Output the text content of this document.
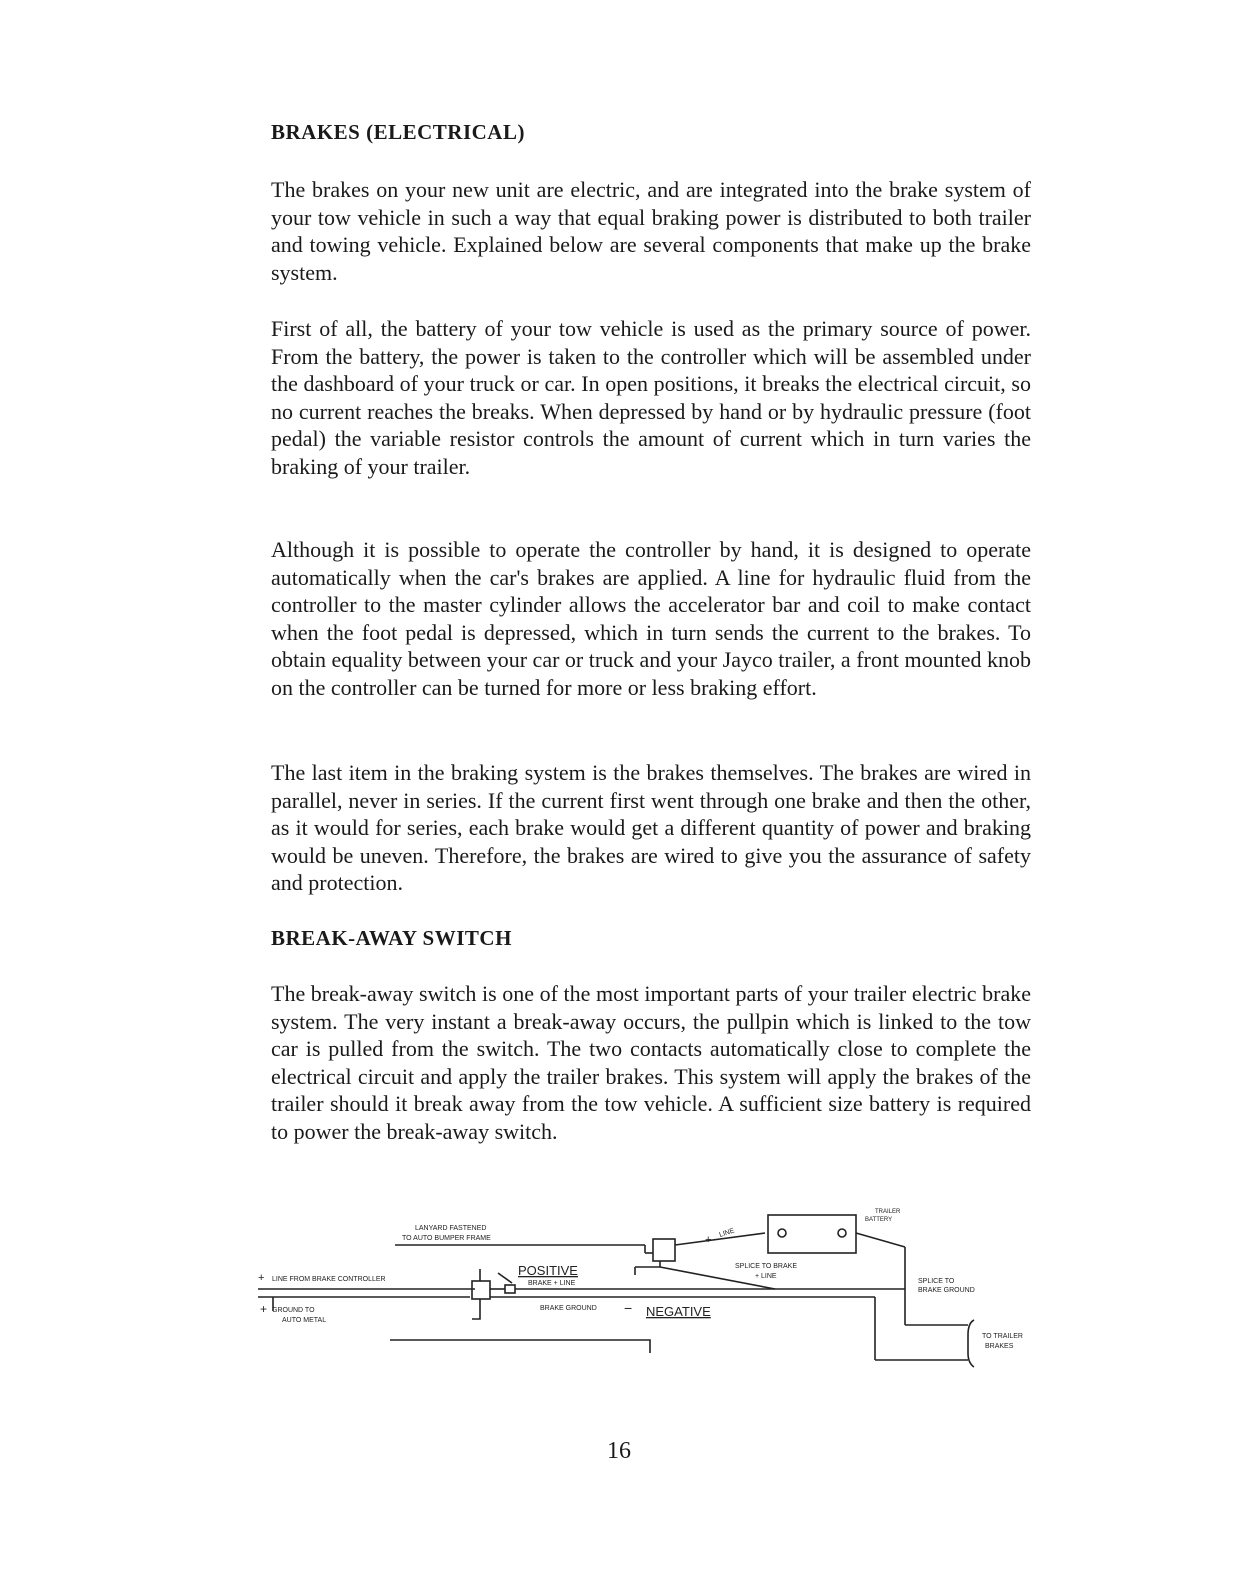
BRAKES (ELECTRICAL)

The brakes on your new unit are electric, and are integrated into the brake system of your tow vehicle in such a way that equal braking power is distributed to both trailer and towing vehicle. Explained below are several components that make up the brake system.

First of all, the battery of your tow vehicle is used as the primary source of power. From the battery, the power is taken to the controller which will be assembled under the dashboard of your truck or car. In open positions, it breaks the electrical circuit, so no current reaches the breaks. When depressed by hand or by hydraulic pressure (foot pedal) the variable resistor controls the amount of current which in turn varies the braking of your trailer.

Although it is possible to operate the controller by hand, it is designed to operate automatically when the car's brakes are applied. A line for hydraulic fluid from the controller to the master cylinder allows the accelerator bar and coil to make contact when the foot pedal is depressed, which in turn sends the current to the brakes. To obtain equality between your car or truck and your Jayco trailer, a front mounted knob on the controller can be turned for more or less braking effort.

The last item in the braking system is the brakes themselves. The brakes are wired in parallel, never in series. If the current first went through one brake and then the other, as it would for series, each brake would get a different quantity of power and braking would be uneven. Therefore, the brakes are wired to give you the assurance of safety and protection.

BREAK-AWAY SWITCH

The break-away switch is one of the most important parts of your trailer electric brake system. The very instant a break-away occurs, the pullpin which is linked to the tow car is pulled from the switch. The two contacts automatically close to complete the electrical circuit and apply the trailer brakes. This system will apply the brakes of the trailer should it break away from the tow vehicle. A sufficient size battery is required to power the break-away switch.

LANYARD FASTENED
TO AUTO BUMPER FRAME
POSITIVE
BRAKE + LINE
+ LINE FROM BRAKE CONTROLLER
+ GROUND TO
AUTO METAL
BRAKE GROUND − NEGATIVE
+
LINE
SPLICE TO BRAKE
+ LINE
TRAILER
BATTERY
SPLICE TO
BRAKE GROUND
TO TRAILER
BRAKES
16
